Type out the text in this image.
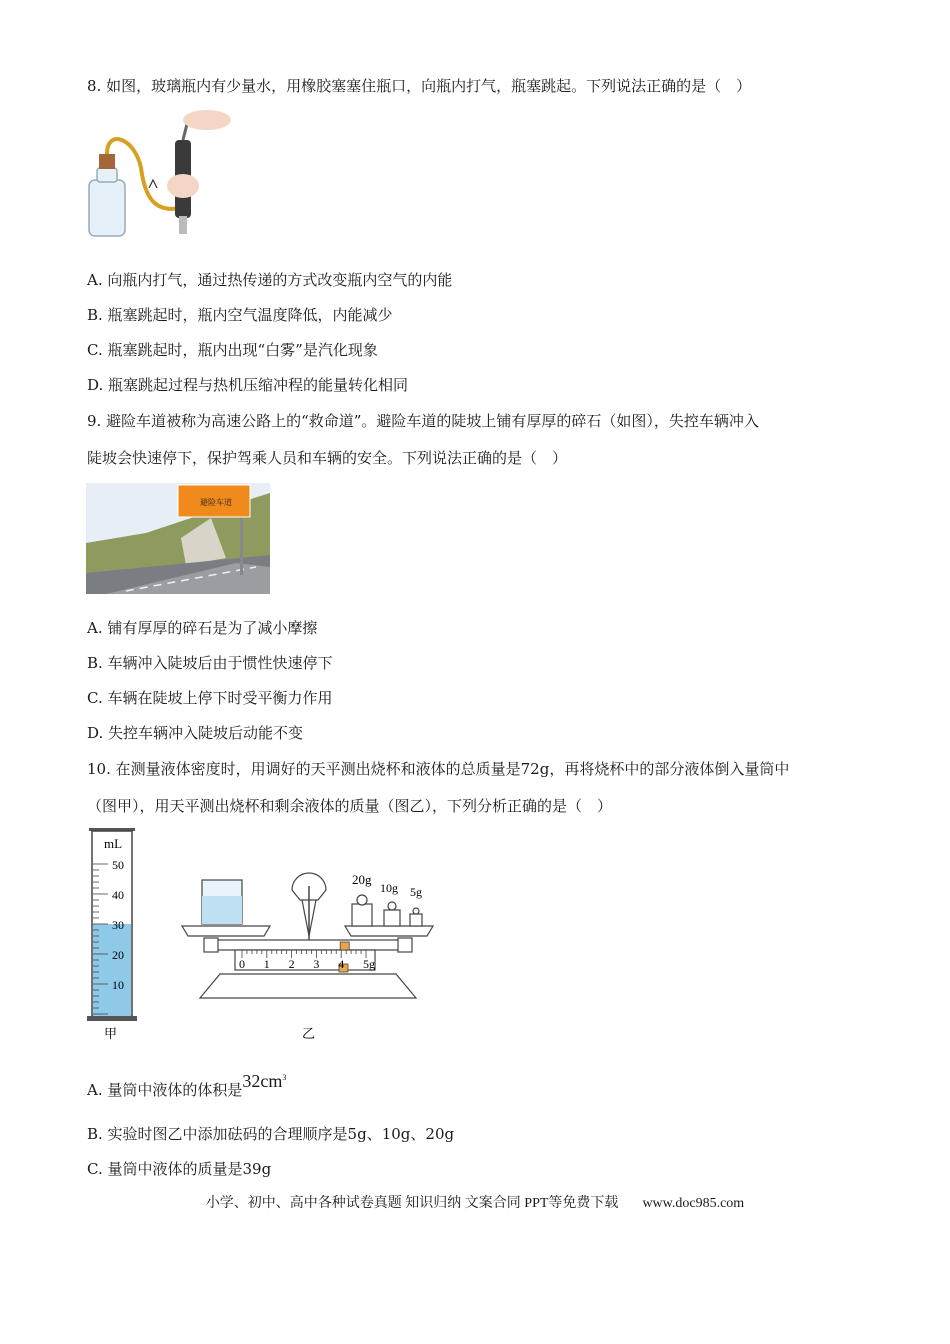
8. 如图，玻璃瓶内有少量水，用橡胶塞塞住瓶口，向瓶内打气，瓶塞跳起。下列说法正确的是（　）
A. 向瓶内打气，通过热传递的方式改变瓶内空气的内能
B. 瓶塞跳起时，瓶内空气温度降低，内能减少
C. 瓶塞跳起时，瓶内出现“白雾”是汽化现象
D. 瓶塞跳起过程与热机压缩冲程的能量转化相同
9. 避险车道被称为高速公路上的“救命道”。避险车道的陡坡上铺有厚厚的碎石（如图），失控车辆冲入
陡坡会快速停下，保护驾乘人员和车辆的安全。下列说法正确的是（　）
避险车道
A. 铺有厚厚的碎石是为了减小摩擦
B. 车辆冲入陡坡后由于惯性快速停下
C. 车辆在陡坡上停下时受平衡力作用
D. 失控车辆冲入陡坡后动能不变
10. 在测量液体密度时，用调好的天平测出烧杯和液体的总质量是72g，再将烧杯中的部分液体倒入量筒中
（图甲），用天平测出烧杯和剩余液体的质量（图乙），下列分析正确的是（　）
mL
50
40
30
20
10
甲
20g
10g 5g
0 1 2 3 4 5g
乙
A. 量筒中液体的体积是$32cm^3$
B. 实验时图乙中添加砝码的合理顺序是5g、10g、20g
C. 量筒中液体的质量是39g
小学、初中、高中各种试卷真题 知识归纳 文案合同 PPT等免费下载 www.doc985.com
